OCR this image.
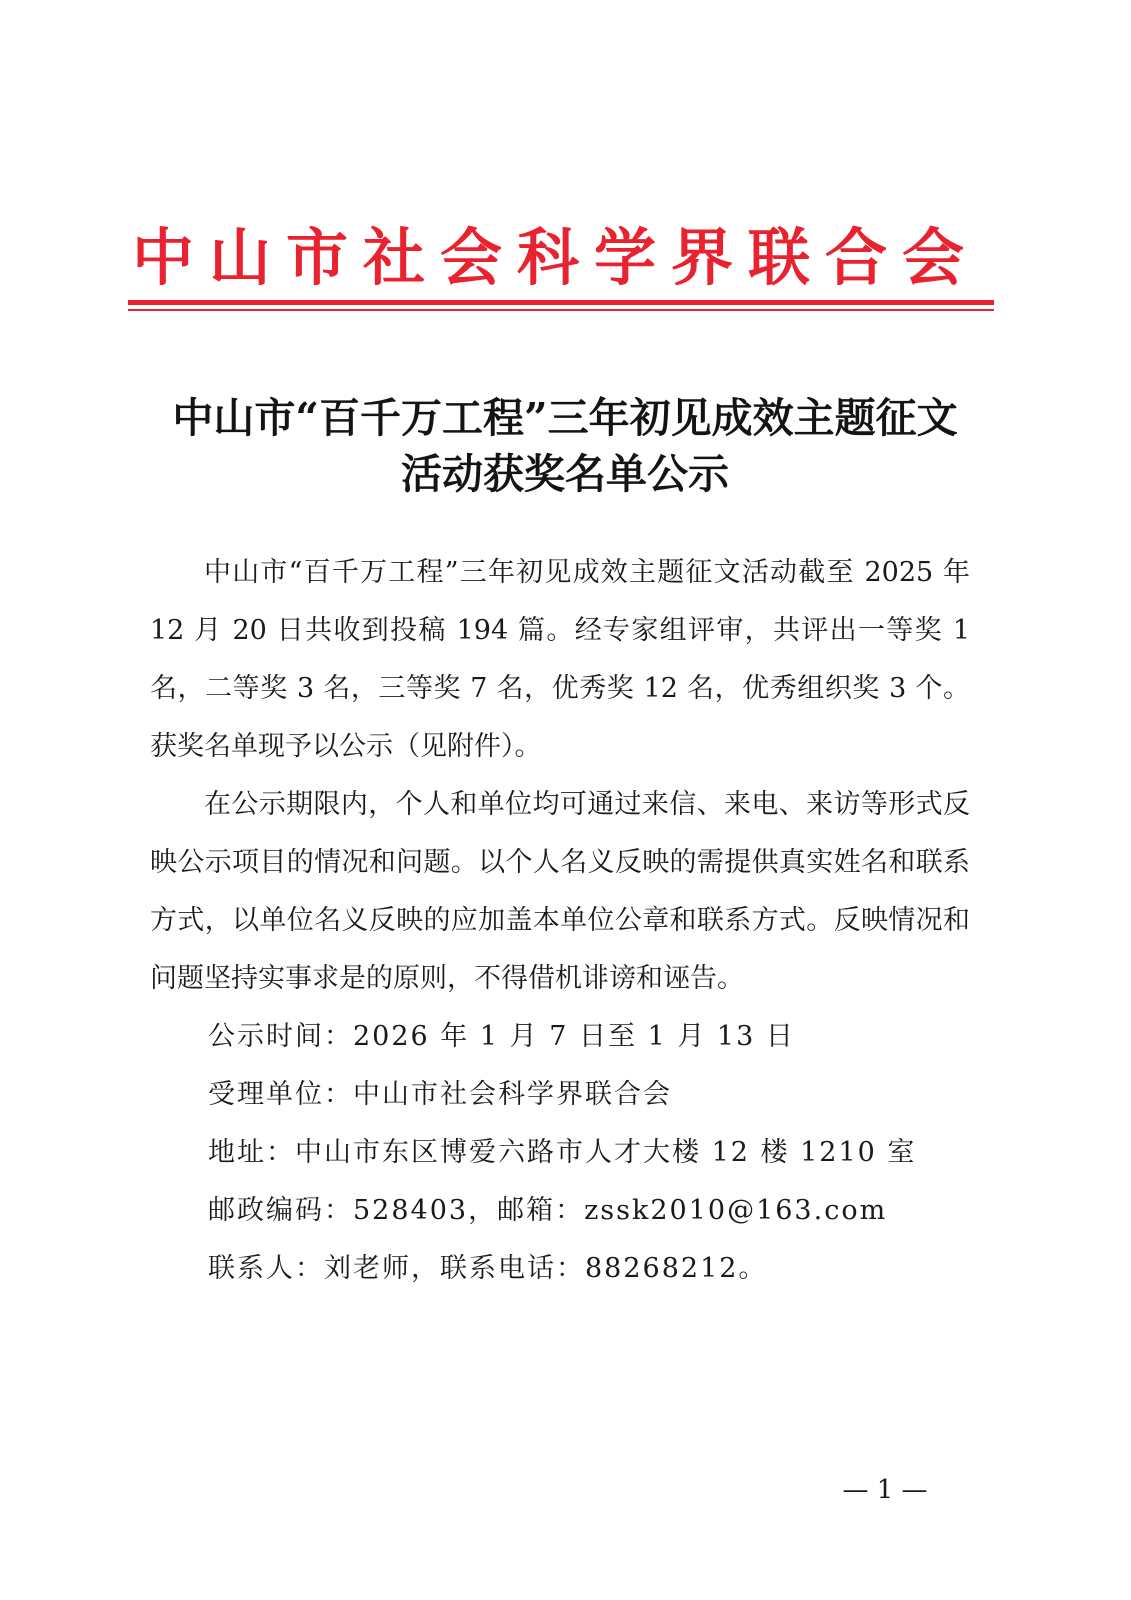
中山市社会科学界联合会
中山市“百千万工程”三年初见成效主题征文
活动获奖名单公示

中山市“百千万工程”三年初见成效主题征文活动截至 2025 年 12 月 20 日共收到投稿 194 篇。经专家组评审，共评出一等奖 1 名，二等奖 3 名，三等奖 7 名，优秀奖 12 名，优秀组织奖 3 个。获奖名单现予以公示（见附件）。

在公示期限内，个人和单位均可通过来信、来电、来访等形式反映公示项目的情况和问题。以个人名义反映的需提供真实姓名和联系方式，以单位名义反映的应加盖本单位公章和联系方式。反映情况和问题坚持实事求是的原则，不得借机诽谤和诬告。

公示时间：2026 年 1 月 7 日至 1 月 13 日
受理单位：中山市社会科学界联合会
地址：中山市东区博爱六路市人才大楼 12 楼 1210 室
邮政编码：528403，邮箱：zssk2010@163.com
联系人：刘老师，联系电话：88268212。
— 1 —
